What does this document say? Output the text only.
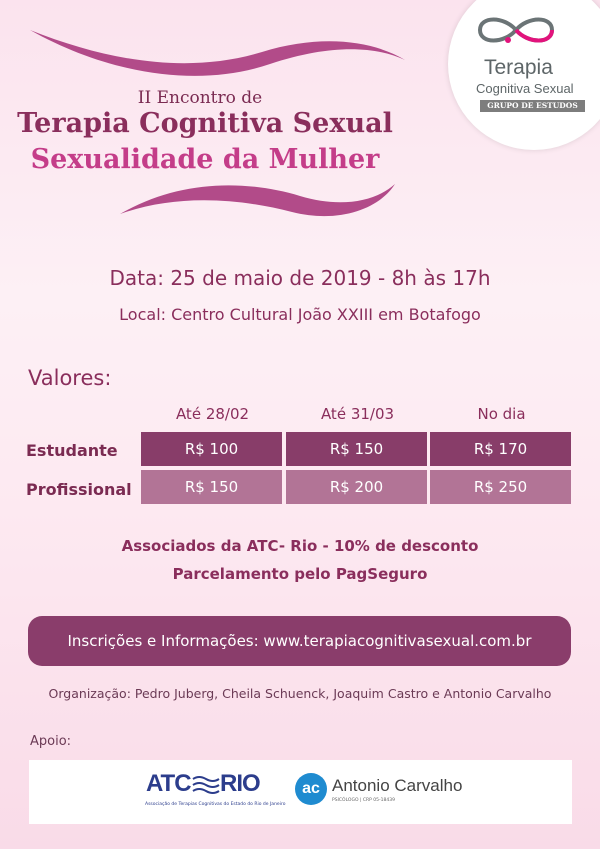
Terapia
Cognitiva Sexual
GRUPO DE ESTUDOS
II Encontro de
Terapia Cognitiva Sexual
Sexualidade da Mulher
Data: 25 de maio de 2019 - 8h às 17h
Local: Centro Cultural João XXIII em Botafogo
Valores:
Até 28/02	Até 31/03	No dia
Estudante	R$ 100	R$ 150	R$ 170
Profissional	R$ 150	R$ 200	R$ 250
Associados da ATC- Rio - 10% de desconto
Parcelamento pelo PagSeguro
Inscrições e Informações: www.terapiacognitivasexual.com.br
Organização: Pedro Juberg, Cheila Schuenck, Joaquim Castro e Antonio Carvalho
Apoio:
ATC RIO
Associação de Terapias Cognitivas do Estado do Rio de Janeiro
ac Antonio Carvalho
PSICÓLOGO | CRP 05-18439
